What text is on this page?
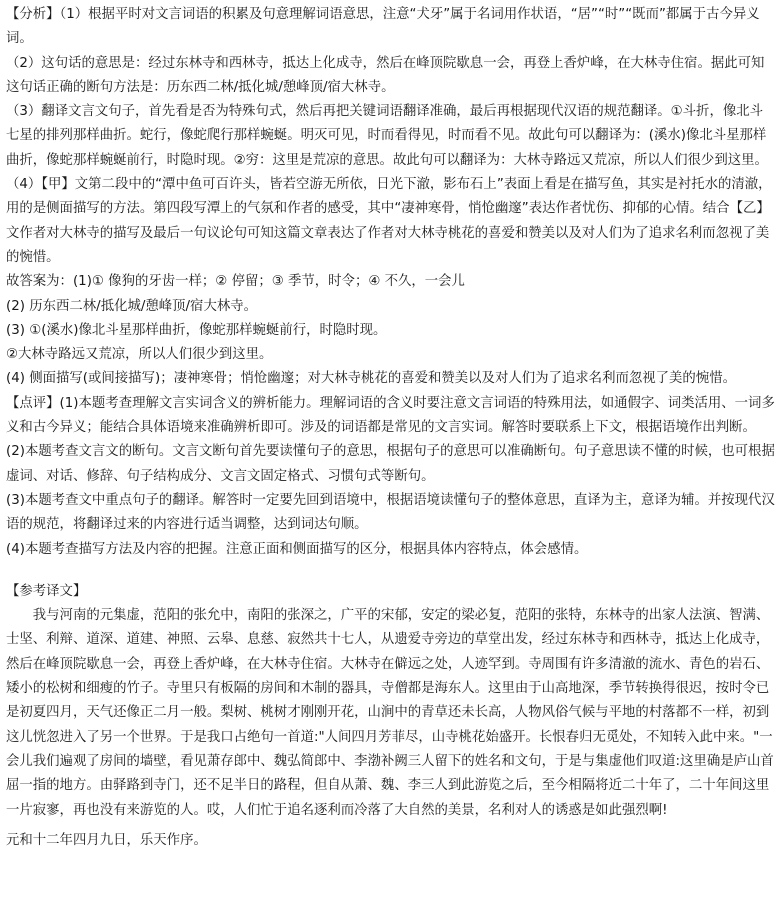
【分析】（1）根据平时对文言词语的积累及句意理解词语意思，注意“犬牙”属于名词用作状语，“居”“时”“既而”都属于古今异义词。

（2）这句话的意思是：经过东林寺和西林寺，抵达上化成寺，然后在峰顶院歇息一会，再登上香炉峰，在大林寺住宿。据此可知这句话正确的断句方法是：历东西二林/抵化城/憩峰顶/宿大林寺。

（3）翻译文言文句子，首先看是否为特殊句式，然后再把关键词语翻译准确，最后再根据现代汉语的规范翻译。①斗折，像北斗七星的排列那样曲折。蛇行，像蛇爬行那样蜿蜒。明灭可见，时而看得见，时而看不见。故此句可以翻译为：(溪水)像北斗星那样曲折，像蛇那样蜿蜒前行，时隐时现。②穷：这里是荒凉的意思。故此句可以翻译为：大林寺路远又荒凉，所以人们很少到这里。

（4）【甲】文第二段中的“潭中鱼可百许头，皆若空游无所依，日光下澈，影布石上”表面上看是在描写鱼，其实是衬托水的清澈，用的是侧面描写的方法。第四段写潭上的气氛和作者的感受，其中“凄神寒骨，悄怆幽邃”表达作者忧伤、抑郁的心情。结合【乙】文作者对大林寺的描写及最后一句议论句可知这篇文章表达了作者对大林寺桃花的喜爱和赞美以及对人们为了追求名利而忽视了美的惋惜。

故答案为：(1)① 像狗的牙齿一样；② 停留；③ 季节，时令；④ 不久，一会儿

(2) 历东西二林/抵化城/憩峰顶/宿大林寺。

(3) ①(溪水)像北斗星那样曲折，像蛇那样蜿蜒前行，时隐时现。

②大林寺路远又荒凉，所以人们很少到这里。

(4) 侧面描写(或间接描写)；凄神寒骨；悄怆幽邃；对大林寺桃花的喜爱和赞美以及对人们为了追求名利而忽视了美的惋惜。

【点评】(1)本题考查理解文言实词含义的辨析能力。理解词语的含义时要注意文言词语的特殊用法，如通假字、词类活用、一词多义和古今异义；能结合具体语境来准确辨析即可。涉及的词语都是常见的文言实词。解答时要联系上下文，根据语境作出判断。

(2)本题考查文言文的断句。文言文断句首先要读懂句子的意思，根据句子的意思可以准确断句。句子意思读不懂的时候，也可根据虚词、对话、修辞、句子结构成分、文言文固定格式、习惯句式等断句。

(3)本题考查文中重点句子的翻译。解答时一定要先回到语境中，根据语境读懂句子的整体意思，直译为主，意译为辅。并按现代汉语的规范，将翻译过来的内容进行适当调整，达到词达句顺。

(4)本题考查描写方法及内容的把握。注意正面和侧面描写的区分，根据具体内容特点，体会感情。

【参考译文】

我与河南的元集虚，范阳的张允中，南阳的张深之，广平的宋郁，安定的梁必复，范阳的张特，东林寺的出家人法演、智满、士坚、利辩、道深、道建、神照、云皋、息慈、寂然共十七人，从遗爱寺旁边的草堂出发，经过东林寺和西林寺，抵达上化成寺，然后在峰顶院歇息一会，再登上香炉峰，在大林寺住宿。大林寺在僻远之处，人迹罕到。寺周围有许多清澈的流水、青色的岩石、矮小的松树和细瘦的竹子。寺里只有板隔的房间和木制的器具，寺僧都是海东人。这里由于山高地深，季节转换得很迟，按时令已是初夏四月，天气还像正二月一般。梨树、桃树才刚刚开花，山涧中的青草还未长高，人物风俗气候与平地的村落都不一样，初到这儿恍忽进入了另一个世界。于是我口占绝句一首道:"人间四月芳菲尽，山寺桃花始盛开。长恨春归无觅处，不知转入此中来。"一会儿我们遍观了房间的墙壁，看见萧存郎中、魏弘简郎中、李渤补阙三人留下的姓名和文句，于是与集虚他们叹道:这里确是庐山首屈一指的地方。由驿路到寺门，还不足半日的路程，但自从萧、魏、李三人到此游览之后，至今相隔将近二十年了，二十年间这里一片寂寥，再也没有来游览的人。哎，人们忙于追名逐利而冷落了大自然的美景，名利对人的诱惑是如此强烈啊!

元和十二年四月九日，乐天作序。
